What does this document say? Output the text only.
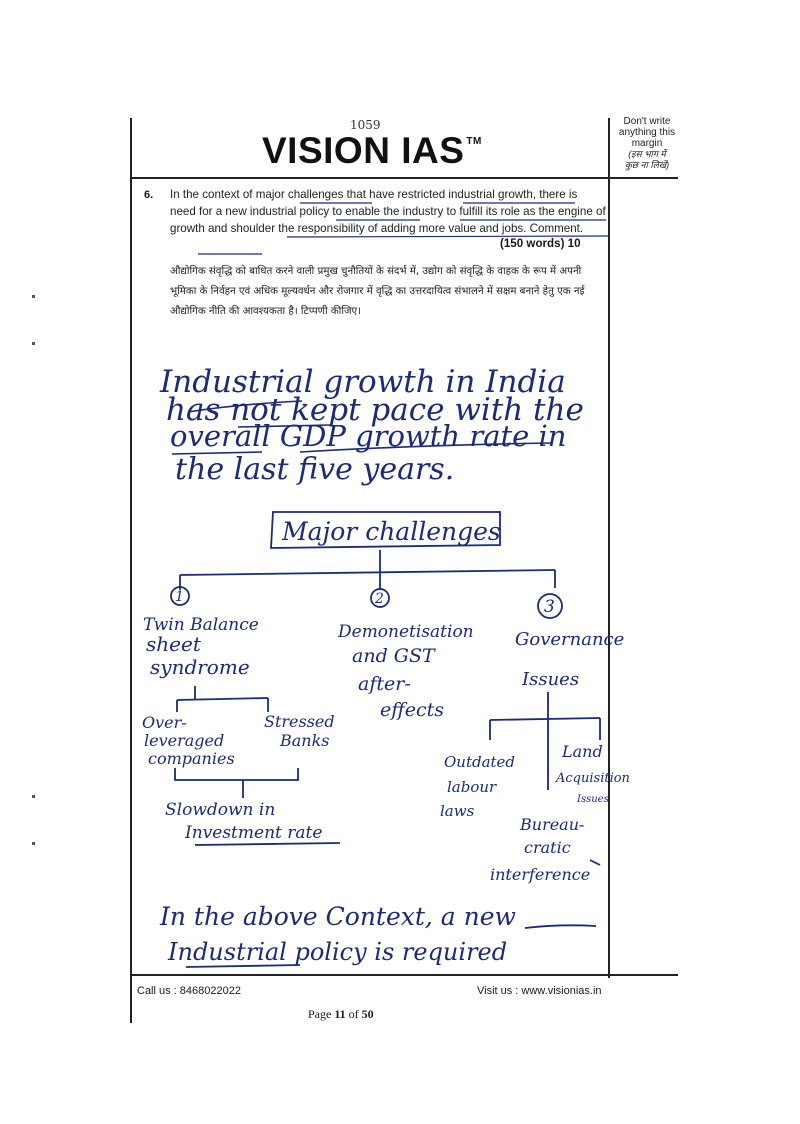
1059
VISION IAS ™
Don't write
anything this
margin
(इस भाग में
कुछ ना लिखें)
6. In the context of major challenges that have restricted industrial growth, there is need for a new industrial policy to enable the industry to fulfill its role as the engine of growth and shoulder the responsibility of adding more value and jobs. Comment.
(150 words) 10
औद्योगिक संवृद्धि को बाधित करने वाली प्रमुख चुनौतियों के संदर्भ में, उद्योग को संवृद्धि के वाहक के रूप में अपनी भूमिका के निर्वहन एवं अधिक मूल्यवर्धन और रोजगार में वृद्धि का उत्तरदायित्व संभालने में सक्षम बनाने हेतु एक नई औद्योगिक नीति की आवश्यकता है। टिप्पणी कीजिए।
Industrial growth in India
has not kept pace with the
overall GDP growth rate in
the last five years.
Major challenges
1	2	3
Twin Balance
sheet
syndrome
Over-
leveraged
companies
Stressed
Banks
Slowdown in
Investment rate
Demonetisation
and GST
after-
effects
Governance
Issues
Outdated
labour
laws
Land
Acquisition
Issues
Bureau-
cratic
interference
In the above Context, a new
Industrial policy is required
Call us : 8468022022	Visit us : www.visionias.in
Page 11 of 50
